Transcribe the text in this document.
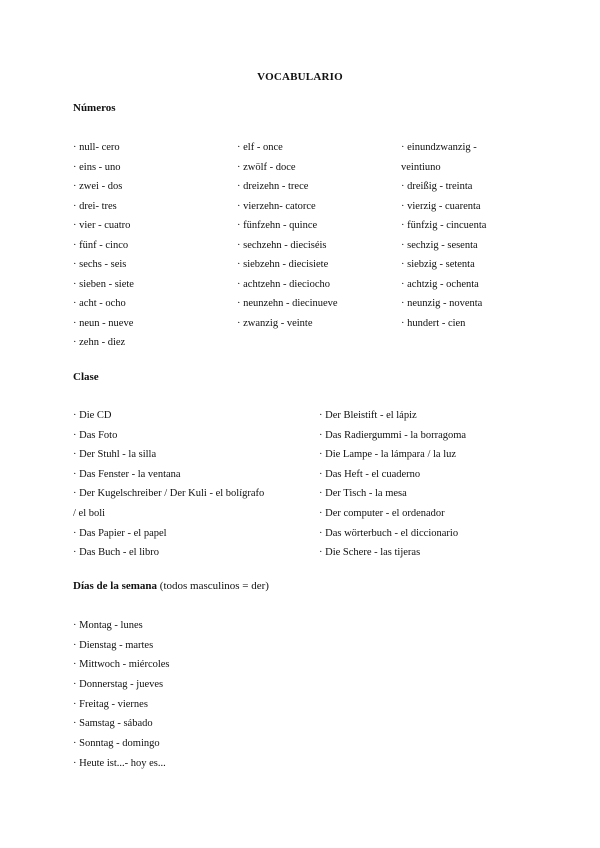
VOCABULARIO
Números
· null- cero
· eins - uno
· zwei - dos
· drei- tres
· vier - cuatro
· fünf - cinco
· sechs - seis
· sieben - siete
· acht - ocho
· neun - nueve
· zehn - diez
· elf - once
· zwölf - doce
· dreizehn - trece
· vierzehn- catorce
· fünfzehn - quince
· sechzehn - dieciséis
· siebzehn - diecisiete
· achtzehn - dieciocho
· neunzehn - diecinueve
· zwanzig - veinte
· einundzwanzig -
veintiuno
· dreißig - treinta
· vierzig - cuarenta
· fünfzig - cincuenta
· sechzig - sesenta
· siebzig - setenta
· achtzig - ochenta
· neunzig - noventa
· hundert - cien
Clase
· Die CD
· Das Foto
· Der Stuhl - la silla
· Das Fenster - la ventana
· Der Kugelschreiber / Der Kuli - el bolígrafo
/ el boli
· Das Papier - el papel
· Das Buch - el libro
· Der Bleistift - el lápiz
· Das Radiergummi - la borragoma
· Die Lampe - la lámpara / la luz
· Das Heft - el cuaderno
· Der Tisch - la mesa
· Der computer - el ordenador
· Das wörterbuch - el diccionario
· Die Schere - las tijeras
Días de la semana (todos masculinos = der)
· Montag - lunes
· Dienstag - martes
· Mittwoch - miércoles
· Donnerstag - jueves
· Freitag - viernes
· Samstag - sábado
· Sonntag - domingo
· Heute ist...- hoy es...
